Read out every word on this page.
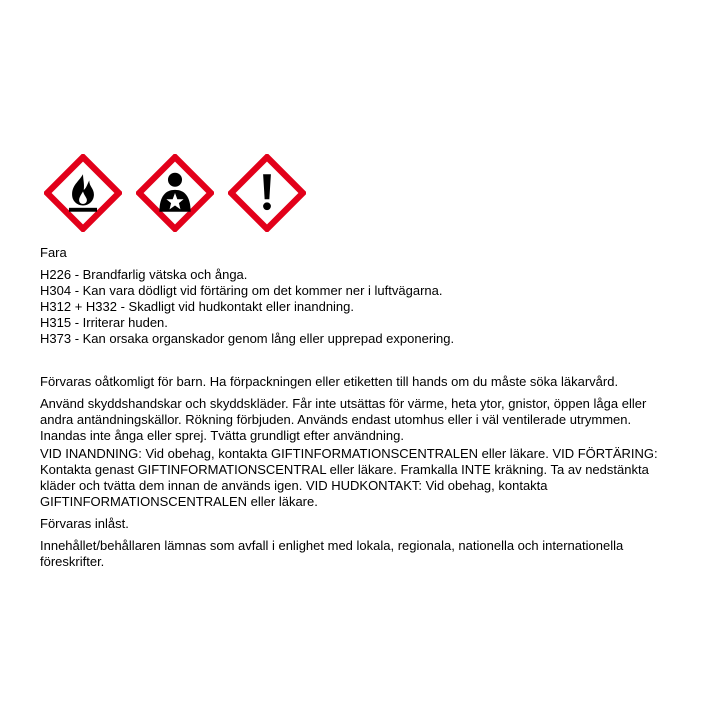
Fara

H226 - Brandfarlig vätska och ånga.
H304 - Kan vara dödligt vid förtäring om det kommer ner i luftvägarna.
H312 + H332 - Skadligt vid hudkontakt eller inandning.
H315 - Irriterar huden.
H373 - Kan orsaka organskador genom lång eller upprepad exponering.

Förvaras oåtkomligt för barn. Ha förpackningen eller etiketten till hands om du måste söka läkarvård.

Använd skyddshandskar och skyddskläder. Får inte utsättas för värme, heta ytor, gnistor, öppen låga eller andra antändningskällor. Rökning förbjuden. Används endast utomhus eller i väl ventilerade utrymmen. Inandas inte ånga eller sprej. Tvätta grundligt efter användning.

VID INANDNING: Vid obehag, kontakta GIFTINFORMATIONSCENTRALEN eller läkare. VID FÖRTÄRING: Kontakta genast GIFTINFORMATIONSCENTRAL eller läkare. Framkalla INTE kräkning. Ta av nedstänkta kläder och tvätta dem innan de används igen. VID HUDKONTAKT: Vid obehag, kontakta GIFTINFORMATIONSCENTRALEN eller läkare.

Förvaras inlåst.

Innehållet/behållaren lämnas som avfall i enlighet med lokala, regionala, nationella och internationella föreskrifter.
